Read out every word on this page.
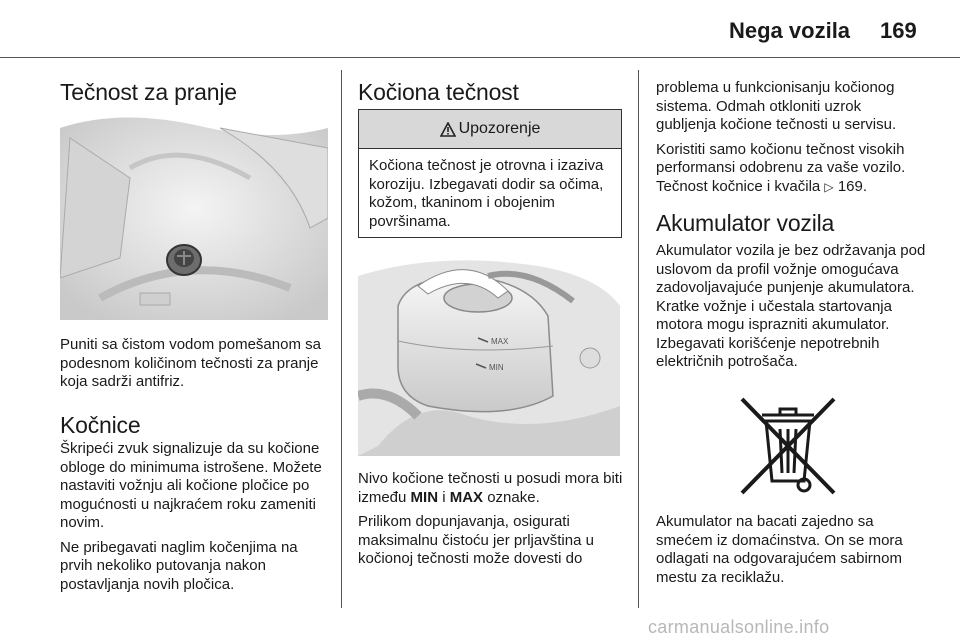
Nega vozila 169
Tečnost za pranje

Puniti sa čistom vodom pomešanom sa podesnom količinom tečnosti za pranje koja sadrži antifriz.

Kočnice

Škripeći zvuk signalizuje da su kočione obloge do minimuma istrošene. Možete nastaviti vožnju ali kočione pločice po mogućnosti u najkraćem roku zameniti novim.

Ne pribegavati naglim kočenjima na prvih nekoliko putovanja nakon postavljanja novih pločica.

Kočiona tečnost
Upozorenje
Kočiona tečnost je otrovna i izaziva koroziju. Izbegavati dodir sa očima, kožom, tkaninom i obojenim površinama.
MAX
MIN

Nivo kočione tečnosti u posudi mora biti između MIN i MAX oznake.

Prilikom dopunjavanja, osigurati maksimalnu čistoću jer prljavština u kočionoj tečnosti može dovesti do

problema u funkcionisanju kočionog sistema. Odmah otkloniti uzrok gubljenja kočione tečnosti u servisu.

Koristiti samo kočionu tečnost visokih performansi odobrenu za vaše vozilo. Tečnost kočnice i kvačila ▷ 169.

Akumulator vozila

Akumulator vozila je bez održavanja pod uslovom da profil vožnje omogućava zadovoljavajuće punjenje akumulatora. Kratke vožnje i učestala startovanja motora mogu isprazniti akumulator. Izbegavati korišćenje nepotrebnih električnih potrošača.

Akumulator na bacati zajedno sa smećem iz domaćinstva. On se mora odlagati na odgovarajućem sabirnom mestu za reciklažu.

carmanualsonline.info
